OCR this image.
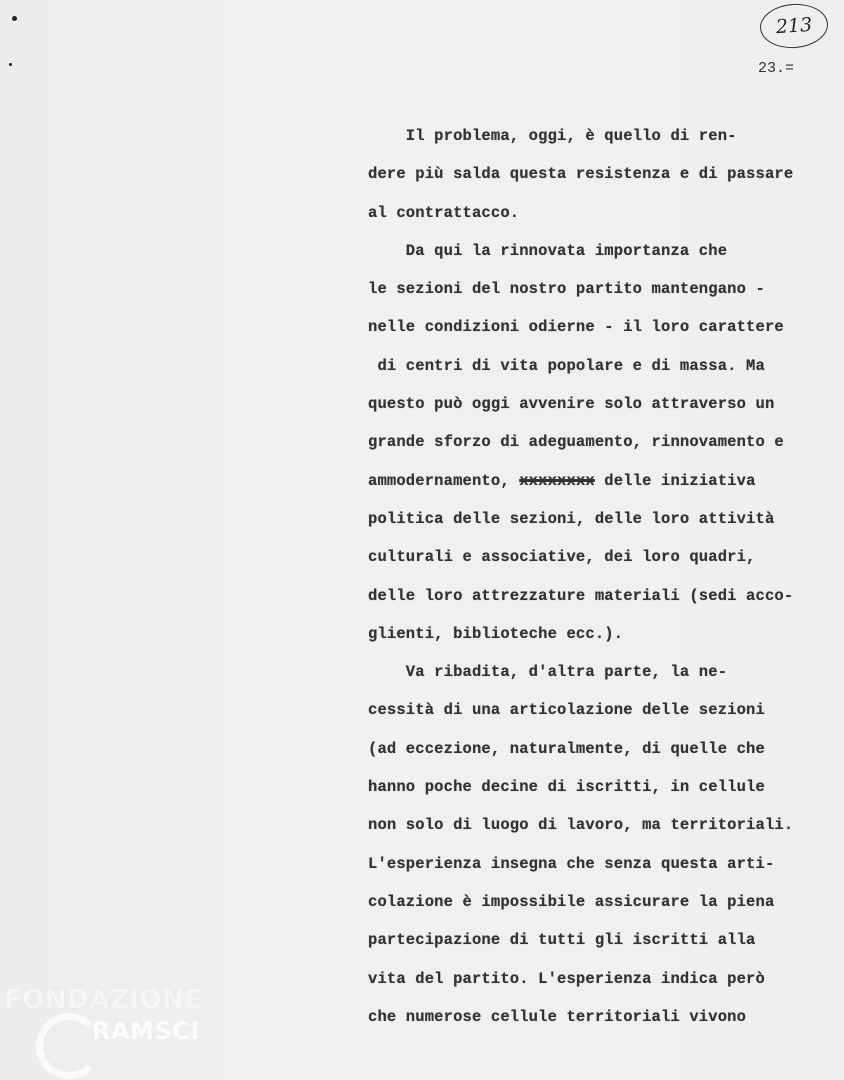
213
23.=
Il problema, oggi, è quello di ren-
dere più salda questa resistenza e di passare
al contrattacco.
Da qui la rinnovata importanza che
le sezioni del nostro partito mantengano -
nelle condizioni odierne - il loro carattere
di centri di vita popolare e di massa. Ma
questo può oggi avvenire solo attraverso un
grande sforzo di adeguamento, rinnovamento e
ammodernamento, xxxxxxxx delle iniziativa
politica delle sezioni, delle loro attività
culturali e associative, dei loro quadri,
delle loro attrezzature materiali (sedi acco-
glienti, biblioteche ecc.).
Va ribadita, d'altra parte, la ne-
cessità di una articolazione delle sezioni
(ad eccezione, naturalmente, di quelle che
hanno poche decine di iscritti, in cellule
non solo di luogo di lavoro, ma territoriali.
L'esperienza insegna che senza questa arti-
colazione è impossibile assicurare la piena
partecipazione di tutti gli iscritti alla
vita del partito. L'esperienza indica però
che numerose cellule territoriali vivono
FONDAZIONE
RAMSCI
